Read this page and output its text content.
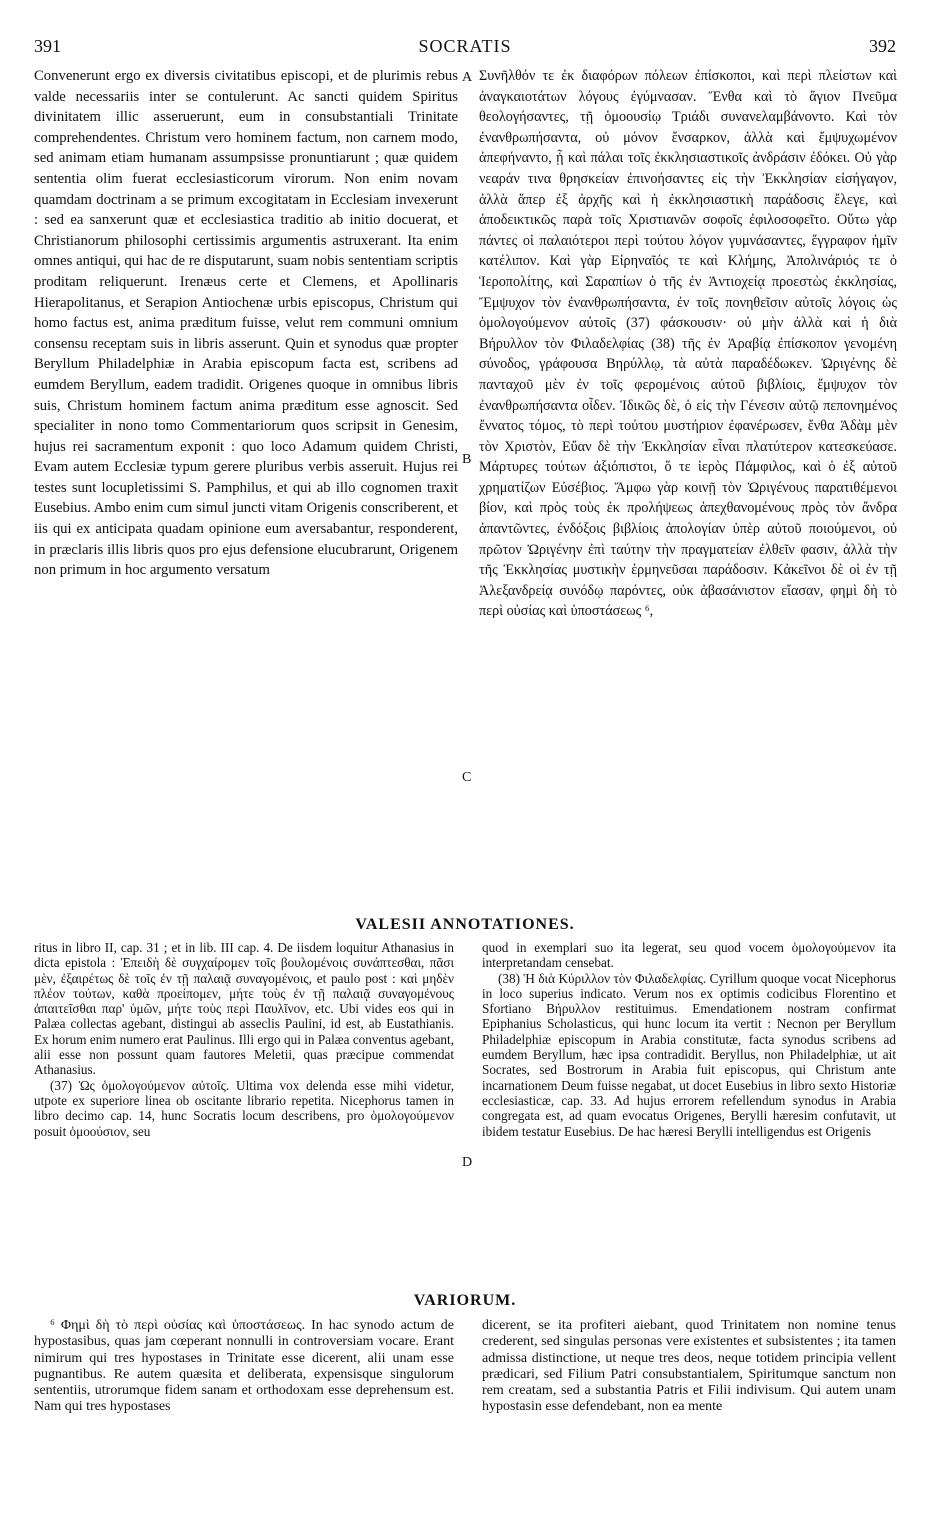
391	SOCRATIS	392

Convenerunt ergo ex diversis civitatibus episcopi, et de plurimis rebus valde necessariis inter se contulerunt. Ac sancti quidem Spiritus divinitatem illic asseruerunt, eum in consubstantiali Trinitate comprehendentes. Christum vero hominem factum, non carnem modo, sed animam etiam humanam assumpsisse pronuntiarunt ; quæ quidem sententia olim fuerat ecclesiasticorum virorum. Non enim novam quamdam doctrinam a se primum excogitatam in Ecclesiam invexerunt : sed ea sanxerunt quæ et ecclesiastica traditio ab initio docuerat, et Christianorum philosophi certissimis argumentis astruxerant. Ita enim omnes antiqui, qui hac de re disputarunt, suam nobis sententiam scriptis proditam reliquerunt. Irenæus certe et Clemens, et Apollinaris Hierapolitanus, et Serapion Antiochenæ urbis episcopus, Christum qui homo factus est, anima præditum fuisse, velut rem communi omnium consensu receptam suis in libris asserunt. Quin et synodus quæ propter Beryllum Philadelphiæ in Arabia episcopum facta est, scribens ad eumdem Beryllum, eadem tradidit. Origenes quoque in omnibus libris suis, Christum hominem factum anima præditum esse agnoscit. Sed specialiter in nono tomo Commentariorum quos scripsit in Genesim, hujus rei sacramentum exponit : quo loco Adamum quidem Christi, Evam autem Ecclesiæ typum gerere pluribus verbis asseruit. Hujus rei testes sunt locupletissimi S. Pamphilus, et qui ab illo cognomen traxit Eusebius. Ambo enim cum simul juncti vitam Origenis conscriberent, et iis qui ex anticipata quadam opinione eum aversabantur, responderent, in præclaris illis libris quos pro ejus defensione elucubrarunt, Origenem non primum in hoc argumento versatum

Συνῆλθόν τε ἐκ διαφόρων πόλεων ἐπίσκοποι, καὶ περὶ πλείστων καὶ ἀναγκαιοτάτων λόγους ἐγύμνασαν. Ἔνθα καὶ τὸ ἅγιον Πνεῦμα θεολογήσαντες, τῇ ὁμοουσίῳ Τριάδι συνανελαμβάνοντο. Καὶ τὸν ἐνανθρωπήσαντα, οὐ μόνον ἔνσαρκον, ἀλλὰ καὶ ἔμψυχωμένον ἀπεφήναντο, ᾗ καὶ πάλαι τοῖς ἐκκλησιαστικοῖς ἀνδράσιν ἐδόκει. Οὐ γὰρ νεαράν τινα θρησκείαν ἐπινοήσαντες εἰς τὴν Ἐκκλησίαν εἰσήγαγον, ἀλλὰ ἅπερ ἐξ ἀρχῆς καὶ ἡ ἐκκλησιαστικὴ παράδοσις ἔλεγε, καὶ ἀποδεικτικῶς παρὰ τοῖς Χριστιανῶν σοφοῖς ἐφιλοσοφεῖτο. Οὕτω γὰρ πάντες οἱ παλαιότεροι περὶ τούτου λόγον γυμνάσαντες, ἔγγραφον ἡμῖν κατέλιπον. Καὶ γὰρ Εἰρηναῖός τε καὶ Κλήμης, Ἀπολινάριός τε ὁ Ἱεροπολίτης, καὶ Σαραπίων ὁ τῆς ἐν Ἀντιοχείᾳ προεστὼς ἐκκλησίας, Ἔμψυχον τὸν ἐνανθρωπήσαντα, ἐν τοῖς πονηθεῖσιν αὐτοῖς λόγοις ὡς ὁμολογούμενον αὐτοῖς (37) φάσκουσιν· οὐ μὴν ἀλλὰ καὶ ἡ διὰ Βήρυλλον τὸν Φιλαδελφίας (38) τῆς ἐν Ἀραβίᾳ ἐπίσκοπον γενομένη σύνοδος, γράφουσα Βηρύλλῳ, τὰ αὐτὰ παραδέδωκεν. Ὠριγένης δὲ πανταχοῦ μὲν ἐν τοῖς φερομένοις αὐτοῦ βιβλίοις, ἔμψυχον τὸν ἐνανθρωπήσαντα οἶδεν. Ἰδικῶς δὲ, ὁ εἰς τὴν Γένεσιν αὐτῷ πεπονημένος ἔννατος τόμος, τὸ περὶ τούτου μυστήριον ἐφανέρωσεν, ἔνθα Ἀδὰμ μὲν τὸν Χριστὸν, Εὔαν δὲ τὴν Ἐκκλησίαν εἶναι πλατύτερον κατεσκεύασε. Μάρτυρες τούτων ἀξιόπιστοι, ὅ τε ἱερὸς Πάμφιλος, καὶ ὁ ἐξ αὐτοῦ χρηματίζων Εὐσέβιος. Ἄμφω γὰρ κοινῇ τὸν Ὠριγένους παρατιθέμενοι βίον, καὶ πρὸς τοὺς ἐκ προλήψεως ἀπεχθανομένους πρὸς τὸν ἄνδρα ἀπαντῶντες, ἐνδόξοις βιβλίοις ἀπολογίαν ὑπὲρ αὐτοῦ ποιούμενοι, οὐ πρῶτον Ὠριγένην ἐπὶ ταύτην τὴν πραγματείαν ἐλθεῖν φασιν, ἀλλὰ τὴν τῆς Ἐκκλησίας μυστικὴν ἑρμηνεῦσαι παράδοσιν. Κἀκεῖνοι δὲ οἱ ἐν τῇ Ἀλεξανδρείᾳ συνόδῳ παρόντες, οὐκ ἀβασάνιστον εἴασαν, φημὶ δὴ τὸ περὶ οὐσίας καὶ ὑποστάσεως ⁶,

A
B
C
D
VALESII ANNOTATIONES.

ritus in libro II, cap. 31 ; et in lib. III cap. 4. De iisdem loquitur Athanasius in dicta epistola : Ἐπειδὴ δὲ συγχαίρομεν τοῖς βουλομένοις συνάπτεσθαι, πᾶσι μὲν, ἐξαιρέτως δὲ τοῖς ἐν τῇ παλαιᾷ συναγομένοις, et paulo post : καὶ μηδὲν πλέον τούτων, καθὰ προείπομεν, μήτε τοὺς ἐν τῇ παλαιᾷ συναγομένους ἀπαιτεῖσθαι παρ' ὑμῶν, μήτε τοὺς περὶ Παυλῖνον, etc. Ubi vides eos qui in Palæa collectas agebant, distingui ab asseclis Paulini, id est, ab Eustathianis. Ex horum enim numero erat Paulinus. Illi ergo qui in Palæa conventus agebant, alii esse non possunt quam fautores Meletii, quas præcipue commendat Athanasius.

(37) Ὡς ὁμολογούμενον αὐτοῖς. Ultima vox delenda esse mihi videtur, utpote ex superiore linea ob oscitante librario repetita. Nicephorus tamen in libro decimo cap. 14, hunc Socratis locum describens, pro ὁμολογούμενον posuit ὁμοούσιον, seu

quod in exemplari suo ita legerat, seu quod vocem ὁμολογούμενον ita interpretandam censebat.

(38) Ἡ διὰ Κύριλλον τὸν Φιλαδελφίας. Cyrillum quoque vocat Nicephorus in loco superius indicato. Verum nos ex optimis codicibus Florentino et Sfortiano Βήρυλλον restituimus. Emendationem nostram confirmat Epiphanius Scholasticus, qui hunc locum ita vertit : Necnon per Beryllum Philadelphiæ episcopum in Arabia constitutæ, facta synodus scribens ad eumdem Beryllum, hæc ipsa contradidit. Beryllus, non Philadelphiæ, ut ait Socrates, sed Bostrorum in Arabia fuit episcopus, qui Christum ante incarnationem Deum fuisse negabat, ut docet Eusebius in libro sexto Historiæ ecclesiasticæ, cap. 33. Ad hujus errorem refellendum synodus in Arabia congregata est, ad quam evocatus Origenes, Berylli hæresim confutavit, ut ibidem testatur Eusebius. De hac hæresi Berylli intelligendus est Origenis

VARIORUM.

⁶ Φημὶ δὴ τὸ περὶ οὐσίας καὶ ὑποστάσεως. In hac synodo actum de hypostasibus, quas jam cœperant nonnulli in controversiam vocare. Erant nimirum qui tres hypostases in Trinitate esse dicerent, alii unam esse pugnantibus. Re autem quæsita et deliberata, expensisque singulorum sententiis, utrorumque fidem sanam et orthodoxam esse deprehensum est. Nam qui tres hypostases

dicerent, se ita profiteri aiebant, quod Trinitatem non nomine tenus crederent, sed singulas personas vere existentes et subsistentes ; ita tamen admissa distinctione, ut neque tres deos, neque totidem principia vellent prædicari, sed Filium Patri consubstantialem, Spiritumque sanctum non rem creatam, sed a substantia Patris et Filii indivisum. Qui autem unam hypostasin esse defendebant, non ea mente
